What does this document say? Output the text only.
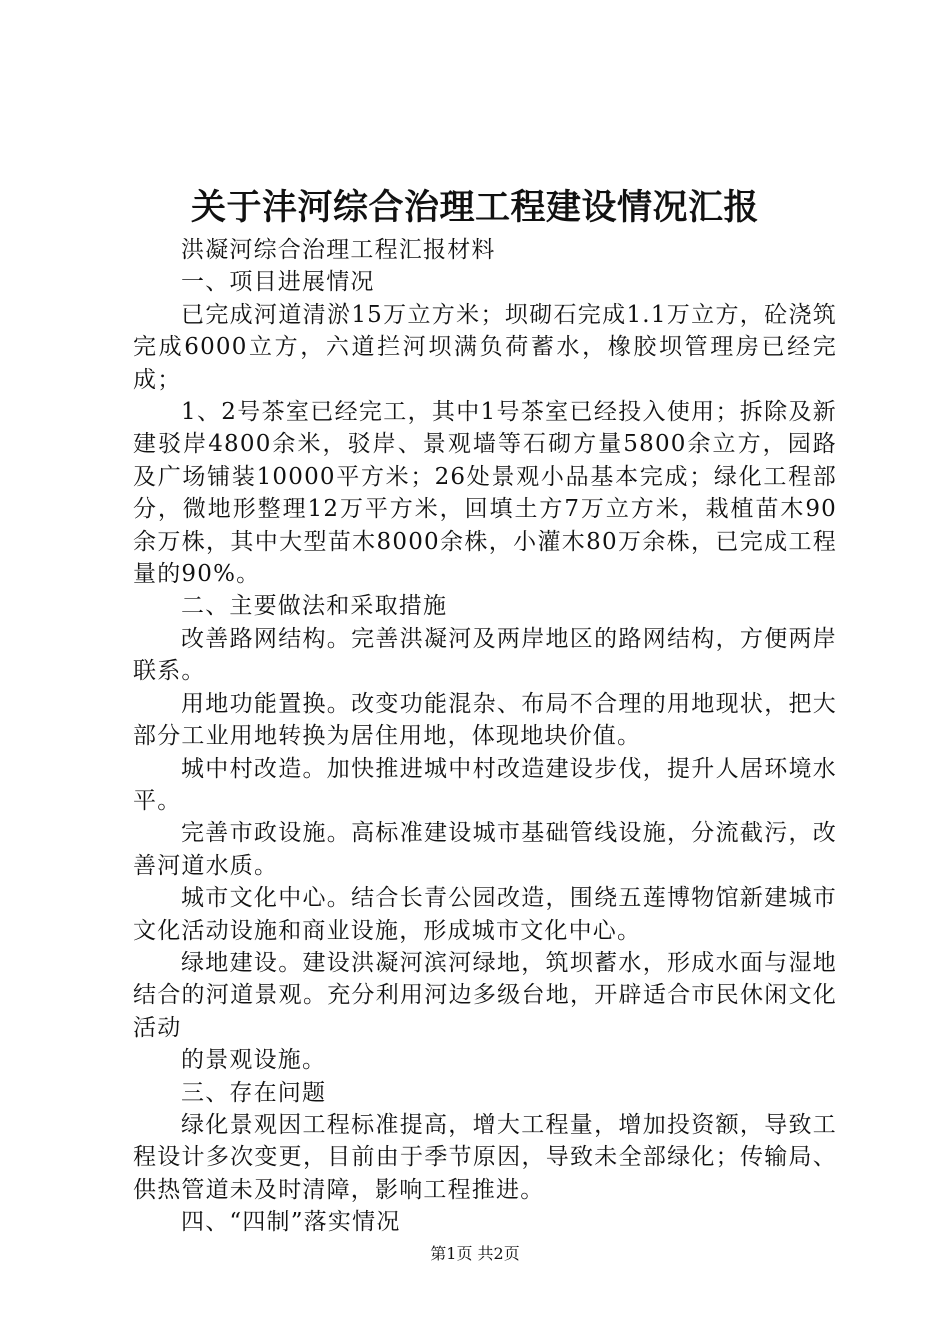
关于沣河综合治理工程建设情况汇报

洪凝河综合治理工程汇报材料

一、项目进展情况

已完成河道清淤15万立方米；坝砌石完成1.1万立方，砼浇筑完成6000立方，六道拦河坝满负荷蓄水，橡胶坝管理房已经完成；

1、2号茶室已经完工，其中1号茶室已经投入使用；拆除及新建驳岸4800余米，驳岸、景观墙等石砌方量5800余立方，园路及广场铺装10000平方米；26处景观小品基本完成；绿化工程部分，微地形整理12万平方米，回填土方7万立方米，栽植苗木90余万株，其中大型苗木8000余株，小灌木80万余株，已完成工程量的90%。

二、主要做法和采取措施

改善路网结构。完善洪凝河及两岸地区的路网结构，方便两岸联系。

用地功能置换。改变功能混杂、布局不合理的用地现状，把大部分工业用地转换为居住用地，体现地块价值。

城中村改造。加快推进城中村改造建设步伐，提升人居环境水平。

完善市政设施。高标准建设城市基础管线设施，分流截污，改善河道水质。

城市文化中心。结合长青公园改造，围绕五莲博物馆新建城市文化活动设施和商业设施，形成城市文化中心。

绿地建设。建设洪凝河滨河绿地，筑坝蓄水，形成水面与湿地结合的河道景观。充分利用河边多级台地，开辟适合市民休闲文化活动

的景观设施。

三、存在问题

绿化景观因工程标准提高，增大工程量，增加投资额，导致工程设计多次变更，目前由于季节原因，导致未全部绿化；传输局、供热管道未及时清障，影响工程推进。

四、“四制”落实情况

第1页 共2页
